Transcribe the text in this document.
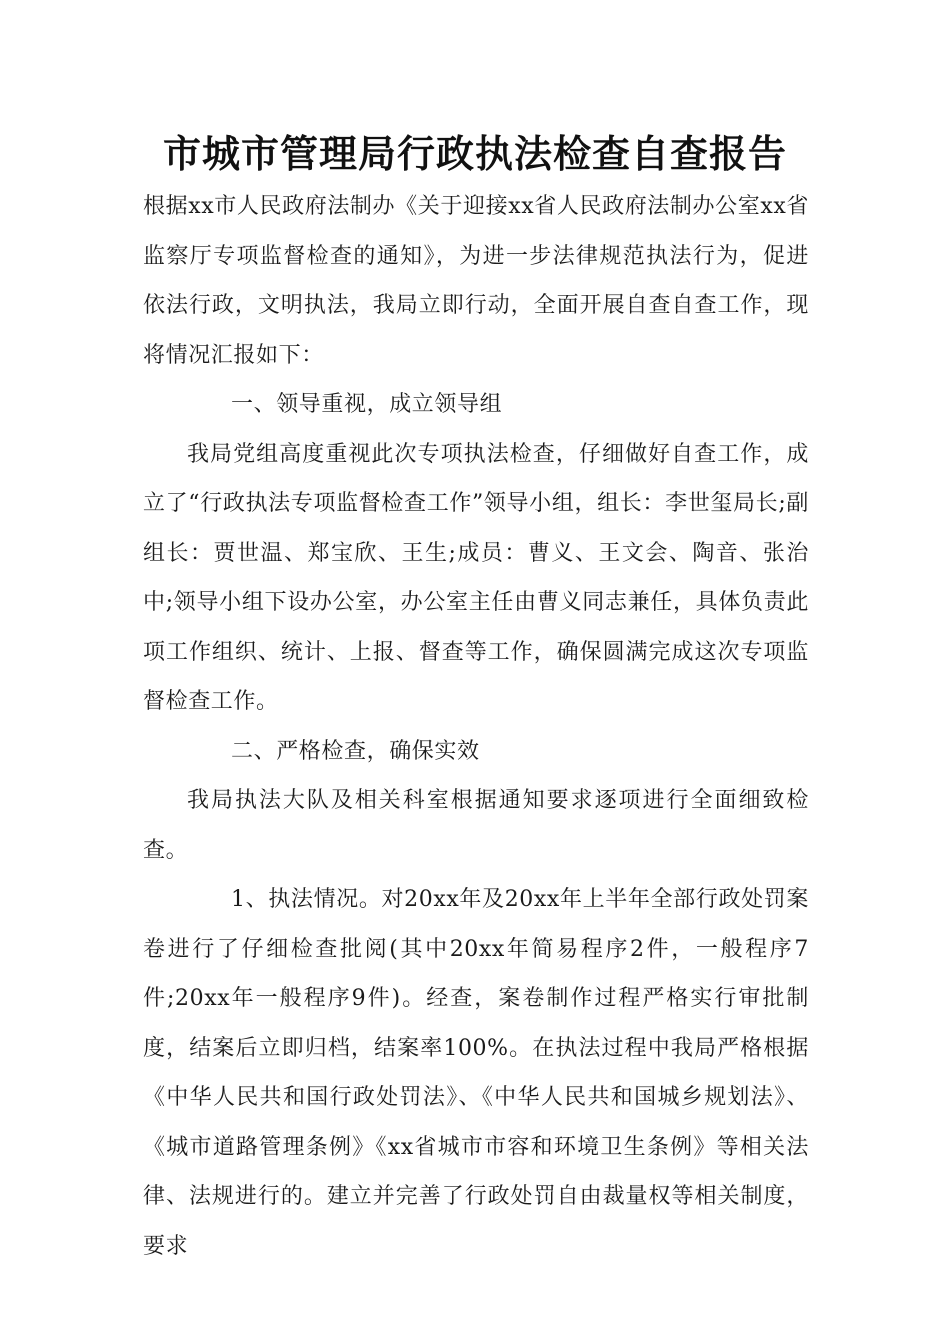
市城市管理局行政执法检查自查报告

根据xx市人民政府法制办《关于迎接xx省人民政府法制办公室xx省监察厅专项监督检查的通知》，为进一步法律规范执法行为，促进依法行政，文明执法，我局立即行动，全面开展自查自查工作，现将情况汇报如下：

一、领导重视，成立领导组

我局党组高度重视此次专项执法检查，仔细做好自查工作，成立了“行政执法专项监督检查工作”领导小组，组长：李世玺局长;副组长：贾世温、郑宝欣、王生;成员：曹义、王文会、陶音、张治中;领导小组下设办公室，办公室主任由曹义同志兼任，具体负责此项工作组织、统计、上报、督查等工作，确保圆满完成这次专项监督检查工作。

二、严格检查，确保实效

我局执法大队及相关科室根据通知要求逐项进行全面细致检查。

1、执法情况。对20xx年及20xx年上半年全部行政处罚案卷进行了仔细检查批阅(其中20xx年简易程序2件，一般程序7件;20xx年一般程序9件)。经查，案卷制作过程严格实行审批制度，结案后立即归档，结案率100%。在执法过程中我局严格根据《中华人民共和国行政处罚法》、《中华人民共和国城乡规划法》、《城市道路管理条例》《xx省城市市容和环境卫生条例》等相关法律、法规进行的。建立并完善了行政处罚自由裁量权等相关制度，要求
